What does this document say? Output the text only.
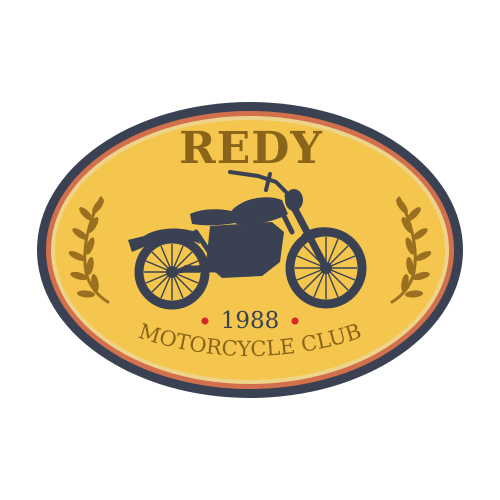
REDY
1988
MOTORCYCLE CLUB
